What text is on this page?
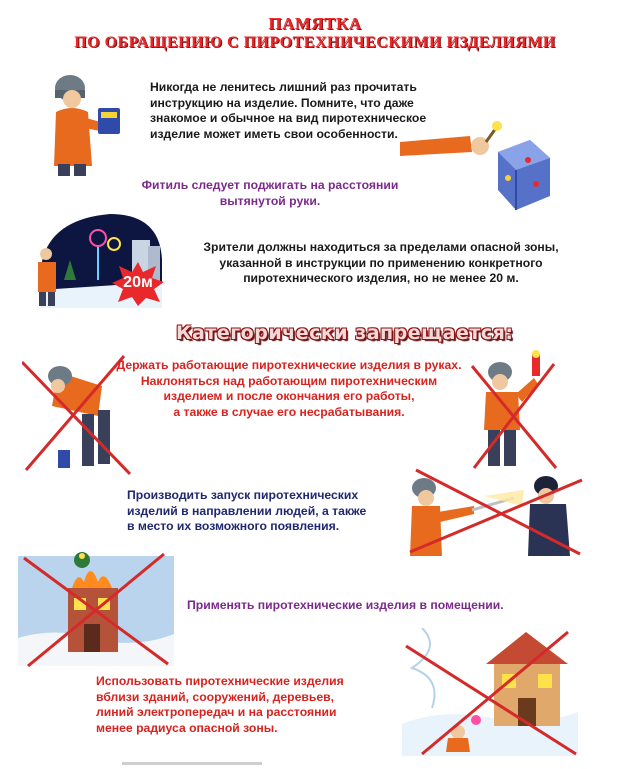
ПАМЯТКА
ПО ОБРАЩЕНИЮ С ПИРОТЕХНИЧЕСКИМИ ИЗДЕЛИЯМИ
Никогда не ленитесь лишний раз прочитать
инструкцию на изделие. Помните, что даже
знакомое и обычное на вид пиротехническое
изделие может иметь свои особенности.
Фитиль следует поджигать на расстоянии
вытянутой руки.
20м
Зрители должны находиться за пределами опасной зоны,
указанной в инструкции по применению конкретного
пиротехнического изделия, но не менее 20 м.
Категорически запрещается:
Держать работающие пиротехнические изделия в руках.
Наклоняться над работающим пиротехническим
изделием и после окончания его работы,
а также в случае его несрабатывания.
Производить запуск пиротехнических
изделий в направлении людей, а также
в место их возможного появления.
Применять пиротехнические изделия в помещении.
Использовать пиротехнические изделия
вблизи зданий, сооружений, деревьев,
линий электропередач и на расстоянии
менее радиуса опасной зоны.
